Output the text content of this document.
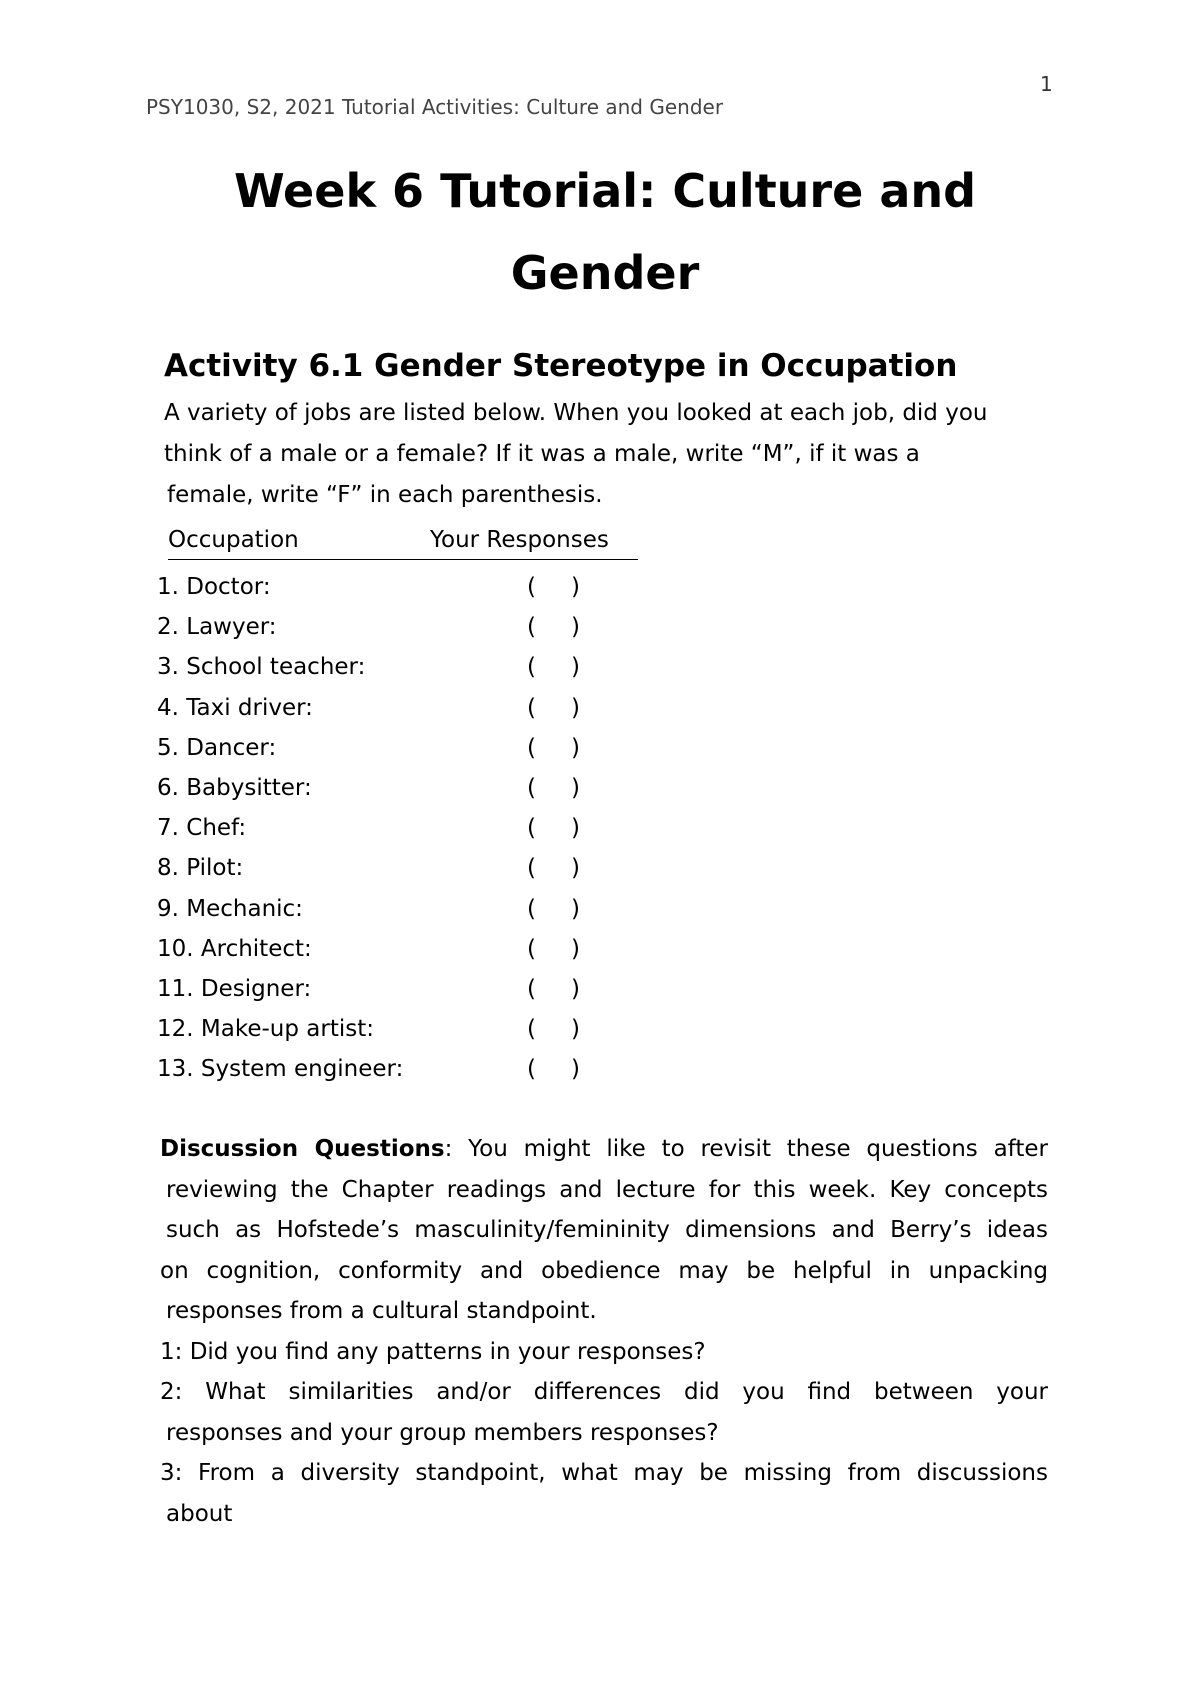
1
PSY1030, S2, 2021 Tutorial Activities: Culture and Gender
Week 6 Tutorial: Culture and
Gender
Activity 6.1 Gender Stereotype in Occupation
A variety of jobs are listed below. When you looked at each job, did you
think of a male or a female? If it was a male, write “M”, if it was a
female, write “F” in each parenthesis.
Occupation	Your Responses
1. Doctor:	( )
2. Lawyer:	( )
3. School teacher:	( )
4. Taxi driver:	( )
5. Dancer:	( )
6. Babysitter:	( )
7. Chef:	( )
8. Pilot:	( )
9. Mechanic:	( )
10. Architect:	( )
11. Designer:	( )
12. Make-up artist:	( )
13. System engineer:	( )
Discussion Questions: You might like to revisit these questions after
reviewing the Chapter readings and lecture for this week. Key concepts
such as Hofstede’s masculinity/femininity dimensions and Berry’s ideas
on cognition, conformity and obedience may be helpful in unpacking
responses from a cultural standpoint.
1: Did you find any patterns in your responses?
2: What similarities and/or differences did you find between your
responses and your group members responses?
3: From a diversity standpoint, what may be missing from discussions
about
